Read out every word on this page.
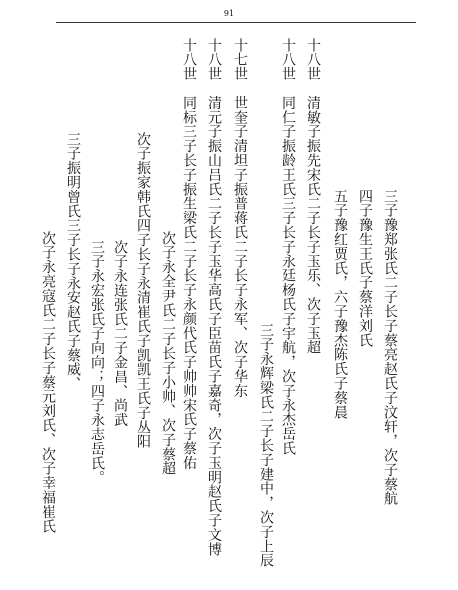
91
三子豫郑张氏二子长子蔡亮赵氏子汶轩，次子蔡航
四子豫生王氏子蔡洋刘氏
五子豫红贾氏，六子豫杰陈氏子蔡晨
十八世　清敏子振先宋氏二子长子玉乐、次子玉超
十八世　同仁子振龄王氏三子长子永廷杨氏子宇航，次子永杰岳氏
三子永辉梁氏二子长子建中，次子上辰
十七世　世奎子清坦子振普蒋氏二子长子永军、次子华东
十八世　清元子振山吕氏二子长子玉华高氏子臣苗氏子嘉奇，次子玉明赵氏子文博
十八世　同标三子长子振生梁氏二子长子永颜代氏子帅帅宋氏子蔡佑
次子永全尹氏二子长子小帅、次子蔡超
次子振家韩氏四子长子永清崔氏子凯凯王氏子丛阳
次子永连张氏二子金昌、尚武
三子永宏张氏子向向；四子永志岳氏。
三子振明曾氏三子长子永安赵氏子蔡威、
次子永亮寇氏二子长子蔡元刘氏、次子幸福崔氏
